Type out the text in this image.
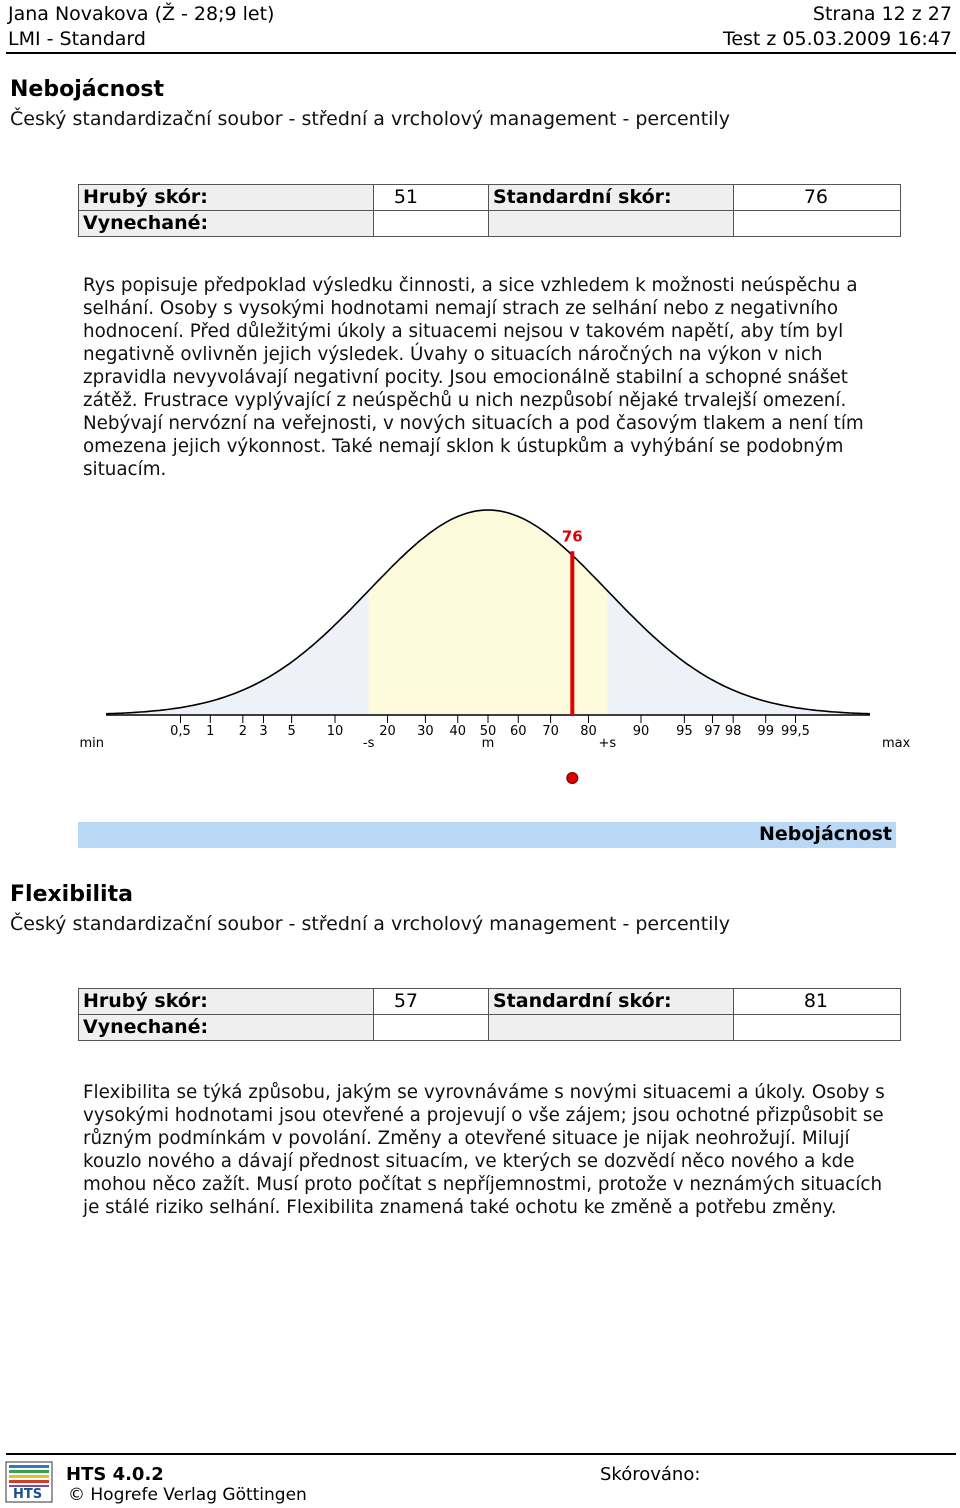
Jana Novakova (Ž - 28;9 let)	Strana 12 z 27
LMI - Standard	Test z 05.03.2009 16:47
Nebojácnost
Český standardizační soubor - střední a vrcholový management - percentily
Hrubý skór:	51	Standardní skór:	76
Vynechané:			
Rys popisuje předpoklad výsledku činnosti, a sice vzhledem k možnosti neúspěchu a selhání. Osoby s vysokými hodnotami nemají strach ze selhání nebo z negativního hodnocení. Před důležitými úkoly a situacemi nejsou v takovém napětí, aby tím byl negativně ovlivněn jejich výsledek. Úvahy o situacích náročných na výkon v nich zpravidla nevyvolávají negativní pocity. Jsou emocionálně stabilní a schopné snášet zátěž. Frustrace vyplývající z neúspěchů u nich nezpůsobí nějaké trvalejší omezení. Nebývají nervózní na veřejnosti, v nových situacích a pod časovým tlakem a není tím omezena jejich výkonnost. Také nemají sklon k ústupkům a vyhýbání se podobným situacím.
0,5 1 2 3 5 10	20 30 40 50 60 70 80	90 95 97 98 99 99,5
min	max
-s	m	+s
76
Nebojácnost
Flexibilita
Český standardizační soubor - střední a vrcholový management - percentily
Hrubý skór:	57	Standardní skór:	81
Vynechané:			
Flexibilita se týká způsobu, jakým se vyrovnáváme s novými situacemi a úkoly. Osoby s vysokými hodnotami jsou otevřené a projevují o vše zájem; jsou ochotné přizpůsobit se různým podmínkám v povolání. Změny a otevřené situace je nijak neohrožují. Milují kouzlo nového a dávají přednost situacím, ve kterých se dozvědí něco nového a kde mohou něco zažít. Musí proto počítat s nepříjemnostmi, protože v neznámých situacích je stálé riziko selhání. Flexibilita znamená také ochotu ke změně a potřebu změny.
HTS
HTS 4.0.2
© Hogrefe Verlag Göttingen
Skórováno:
